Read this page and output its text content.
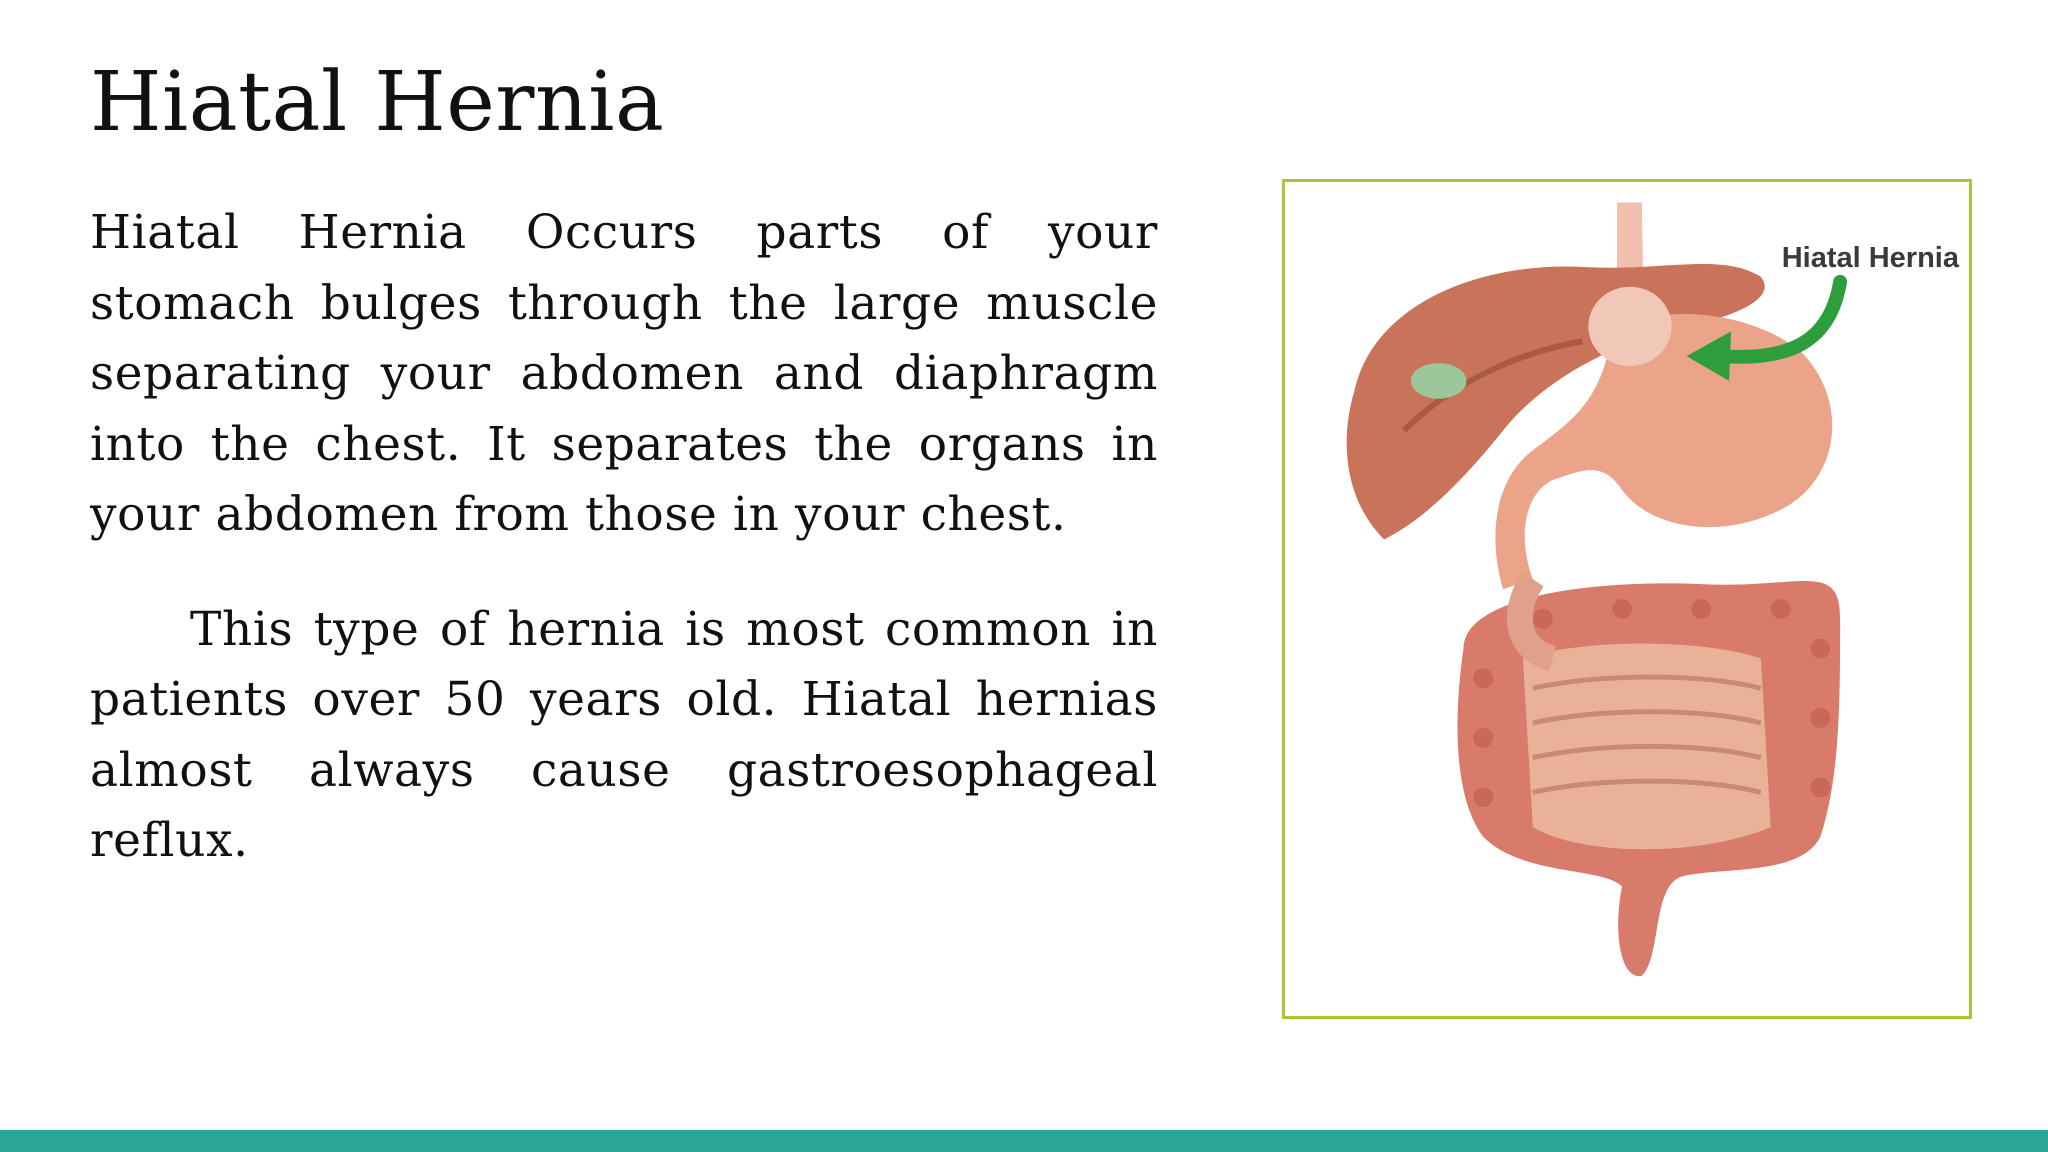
Hiatal Hernia

Hiatal Hernia Occurs parts of your stomach bulges through the large muscle separating your abdomen and diaphragm into the chest. It separates the organs in your abdomen from those in your chest.

This type of hernia is most common in patients over 50 years old. Hiatal hernias almost always cause gastroesophageal reflux.

Hiatal Hernia
